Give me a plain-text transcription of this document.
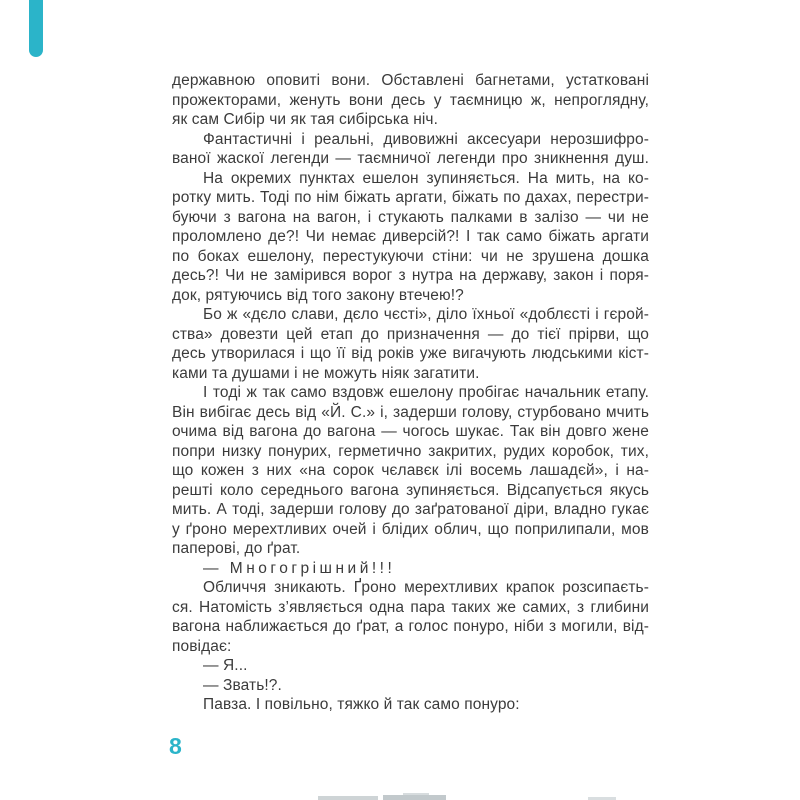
державною оповиті вони. Обставлені багнетами, устатковані
прожекторами, женуть вони десь у таємницю ж, непроглядну,
як сам Сибір чи як тая сибірська ніч.
Фантастичні і реальні, дивовижні аксесуари нерозшифро-
ваної жаскої легенди — таємничої легенди про зникнення душ.
На окремих пунктах ешелон зупиняється. На мить, на ко-
ротку мить. Тоді по нім біжать аргати, біжать по дахах, перестри-
буючи з вагона на вагон, і стукають палками в залізо — чи не
проломлено де?! Чи немає диверсій?! І так само біжать аргати
по боках ешелону, перестукуючи стіни: чи не зрушена дошка
десь?! Чи не замірився ворог з нутра на державу, закон і поря-
док, рятуючись від того закону втечею!?
Бо ж «дєло слави, дєло чєсті», діло їхньої «доблєсті і гєрой-
ства» довезти цей етап до призначення — до тієї прірви, що
десь утворилася і що її від років уже вигачують людськими кіст-
ками та душами і не можуть ніяк загатити.
І тоді ж так само вздовж ешелону пробігає начальник етапу.
Він вибігає десь від «Й. С.» і, задерши голову, стурбовано мчить
очима від вагона до вагона — чогось шукає. Так він довго жене
попри низку понурих, герметично закритих, рудих коробок, тих,
що кожен з них «на сорок чєлавєк ілі восемь лашадєй», і на-
решті коло середнього вагона зупиняється. Відсапується якусь
мить. А тоді, задерши голову до заґратованої діри, владно гукає
у ґроно мерехтливих очей і блідих облич, що поприлипали, мов
паперові, до ґрат.
— Многогрішний!!!
Обличчя зникають. Ґроно мерехтливих крапок розсипаєть-
ся. Натомість з’являється одна пара таких же самих, з глибини
вагона наближається до ґрат, а голос понуро, ніби з могили, від-
повідає:
— Я...
— Звать!?.
Павза. І повільно, тяжко й так само понуро:
8
